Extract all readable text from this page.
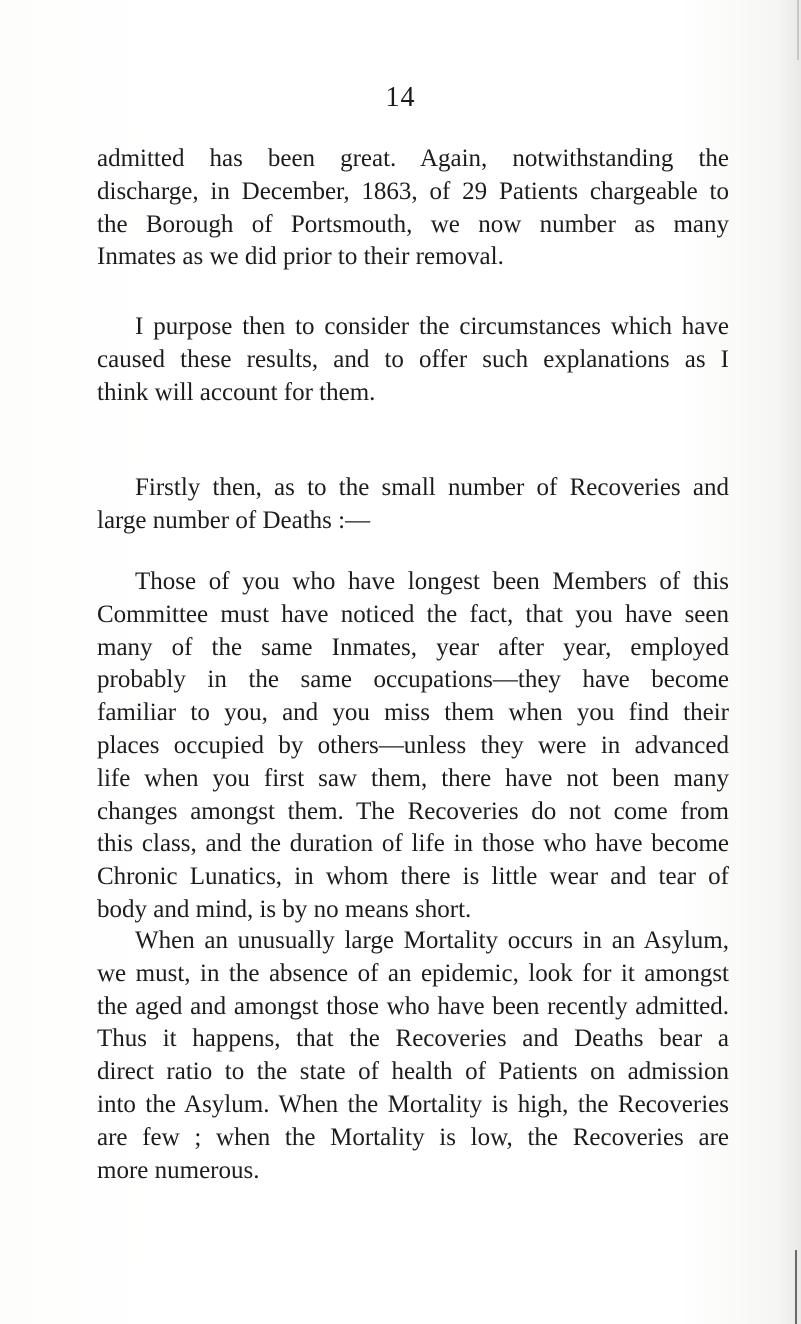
14
admitted has been great. Again, notwithstanding the
discharge, in December, 1863, of 29 Patients chargeable to
the Borough of Portsmouth, we now number as many
Inmates as we did prior to their removal.
I purpose then to consider the circumstances which have
caused these results, and to offer such explanations as I
think will account for them.
Firstly then, as to the small number of Recoveries and
large number of Deaths :—
Those of you who have longest been Members of this
Committee must have noticed the fact, that you have seen
many of the same Inmates, year after year, employed
probably in the same occupations—they have become
familiar to you, and you miss them when you find their
places occupied by others—unless they were in advanced
life when you first saw them, there have not been many
changes amongst them. The Recoveries do not come from
this class, and the duration of life in those who have become
Chronic Lunatics, in whom there is little wear and tear of
body and mind, is by no means short.
When an unusually large Mortality occurs in an Asylum,
we must, in the absence of an epidemic, look for it amongst
the aged and amongst those who have been recently admitted.
Thus it happens, that the Recoveries and Deaths bear a
direct ratio to the state of health of Patients on admission
into the Asylum. When the Mortality is high, the Recoveries
are few ; when the Mortality is low, the Recoveries are
more numerous.
